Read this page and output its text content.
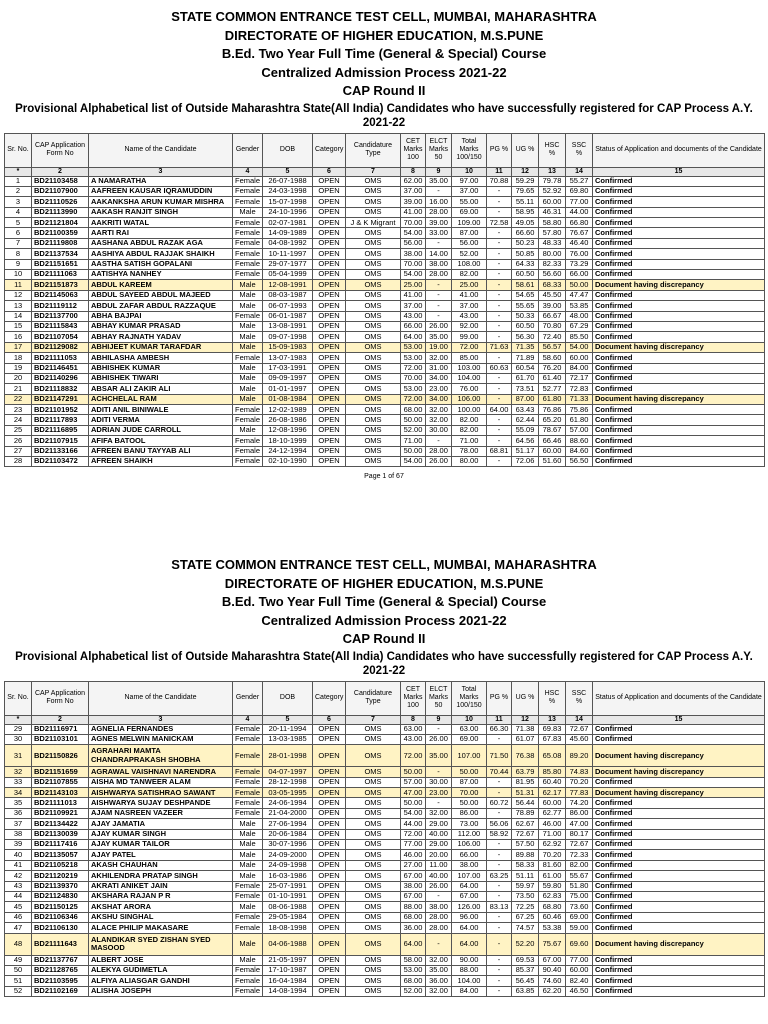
STATE COMMON ENTRANCE TEST CELL, MUMBAI, MAHARASHTRA
DIRECTORATE OF HIGHER EDUCATION, M.S.PUNE
B.Ed. Two Year Full Time (General & Special) Course
Centralized Admission Process 2021-22
CAP Round II
Provisional Alphabetical list of Outside Maharashtra State(All India) Candidates who have successfully registered for CAP Process A.Y. 2021-22
Sr. No.	CAP Application Form No	Name of the Candidate	Gender	DOB	Category	Candidature Type	CET Marks 100	ELCT Marks 50	Total Marks 100/150	PG %	UG %	HSC %	SSC %	Status of Application and documents of the Candidate
*	2	3	4	5	6	7	8	9	10	11	12	13	14	15
1	BD21103458	A NAMARATHA	Female	26-07-1988	OPEN	OMS	62.00	35.00	97.00	70.88	59.29	79.78	55.27	Confirmed
2	BD21107900	AAFREEN KAUSAR IQRAMUDDIN	Female	24-03-1998	OPEN	OMS	37.00	-	37.00	-	79.65	52.92	69.80	Confirmed
3	BD21110526	AAKANKSHA ARUN KUMAR MISHRA	Female	15-07-1998	OPEN	OMS	39.00	16.00	55.00	-	55.11	60.00	77.00	Confirmed
4	BD21113990	AAKASH RANJIT SINGH	Male	24-10-1996	OPEN	OMS	41.00	28.00	69.00	-	58.95	46.31	44.00	Confirmed
5	BD21121804	AAKRITI WATAL	Female	02-07-1981	OPEN	J & K Migrant	70.00	39.00	109.00	72.58	49.05	58.80	66.80	Confirmed
6	BD21100359	AARTI RAI	Female	14-09-1989	OPEN	OMS	54.00	33.00	87.00	-	66.60	57.80	76.67	Confirmed
7	BD21119808	AASHANA ABDUL RAZAK AGA	Female	04-08-1992	OPEN	OMS	56.00	-	56.00	-	50.23	48.33	46.40	Confirmed
8	BD21137534	AASHIYA ABDUL RAJJAK SHAIKH	Female	10-11-1997	OPEN	OMS	38.00	14.00	52.00	-	50.85	80.00	76.00	Confirmed
9	BD21151651	AASTHA SATISH GOPALANI	Female	29-07-1977	OPEN	OMS	70.00	38.00	108.00	-	64.33	82.33	73.29	Confirmed
10	BD21111063	AATISHYA NANHEY	Female	05-04-1999	OPEN	OMS	54.00	28.00	82.00	-	60.50	56.60	66.00	Confirmed
11	BD21151873	ABDUL KAREEM	Male	12-08-1991	OPEN	OMS	25.00	-	25.00	-	58.61	68.33	50.00	Document having discrepancy
12	BD21145063	ABDUL SAYEED ABDUL MAJEED	Male	08-03-1987	OPEN	OMS	41.00	-	41.00	-	54.65	45.50	47.47	Confirmed
13	BD21119112	ABDUL ZAFAR ABDUL RAZZAQUE	Male	06-07-1993	OPEN	OMS	37.00	-	37.00	-	55.65	39.00	53.85	Confirmed
14	BD21137700	ABHA BAJPAI	Female	06-01-1987	OPEN	OMS	43.00	-	43.00	-	50.33	66.67	48.00	Confirmed
15	BD21115843	ABHAY KUMAR PRASAD	Male	13-08-1991	OPEN	OMS	66.00	26.00	92.00	-	60.50	70.80	67.29	Confirmed
16	BD21107054	ABHAY RAJNATH YADAV	Male	09-07-1998	OPEN	OMS	64.00	35.00	99.00	-	56.30	72.40	85.50	Confirmed
17	BD21129082	ABHIJEET KUMAR TARAFDAR	Male	15-09-1983	OPEN	OMS	53.00	19.00	72.00	71.63	71.35	56.57	54.00	Document having discrepancy
18	BD21111053	ABHILASHA AMBESH	Female	13-07-1983	OPEN	OMS	53.00	32.00	85.00	-	71.89	58.60	60.00	Confirmed
19	BD21146451	ABHISHEK KUMAR	Male	17-03-1991	OPEN	OMS	72.00	31.00	103.00	60.63	60.54	76.20	84.00	Confirmed
20	BD21140296	ABHISHEK TIWARI	Male	09-09-1997	OPEN	OMS	70.00	34.00	104.00	-	61.70	61.40	72.17	Confirmed
21	BD21118832	ABSAR ALI ZAKIR ALI	Male	01-01-1997	OPEN	OMS	53.00	23.00	76.00	-	73.51	52.77	72.83	Confirmed
22	BD21147291	ACHCHELAL RAM	Male	01-08-1984	OPEN	OMS	72.00	34.00	106.00	-	87.00	61.80	71.33	Document having discrepancy
23	BD21101952	ADITI ANIL BINIWALE	Female	12-02-1989	OPEN	OMS	68.00	32.00	100.00	64.00	63.43	76.86	75.86	Confirmed
24	BD21117893	ADITI VERMA	Female	26-08-1986	OPEN	OMS	50.00	32.00	82.00	-	62.44	65.20	61.80	Confirmed
25	BD21116895	ADRIAN JUDE CARROLL	Male	12-08-1996	OPEN	OMS	52.00	30.00	82.00	-	55.09	78.67	57.00	Confirmed
26	BD21107915	AFIFA BATOOL	Female	18-10-1999	OPEN	OMS	71.00	-	71.00	-	64.56	66.46	88.60	Confirmed
27	BD21133166	AFREEN BANU TAYYAB ALI	Female	24-12-1994	OPEN	OMS	50.00	28.00	78.00	68.81	51.17	60.00	84.60	Confirmed
28	BD21103472	AFREEN SHAIKH	Female	02-10-1990	OPEN	OMS	54.00	26.00	80.00	-	72.06	51.60	56.50	Confirmed
Page 1 of 67
STATE COMMON ENTRANCE TEST CELL, MUMBAI, MAHARASHTRA
DIRECTORATE OF HIGHER EDUCATION, M.S.PUNE
B.Ed. Two Year Full Time (General & Special) Course
Centralized Admission Process 2021-22
CAP Round II
Provisional Alphabetical list of Outside Maharashtra State(All India) Candidates who have successfully registered for CAP Process A.Y. 2021-22
Sr. No.	CAP Application Form No	Name of the Candidate	Gender	DOB	Category	Candidature Type	CET Marks 100	ELCT Marks 50	Total Marks 100/150	PG %	UG %	HSC %	SSC %	Status of Application and documents of the Candidate
*	2	3	4	5	6	7	8	9	10	11	12	13	14	15
29	BD21116971	AGNELIA FERNANDES	Female	20-11-1994	OPEN	OMS	63.00	-	63.00	66.30	71.38	69.83	72.67	Confirmed
30	BD21103101	AGNES MELWIN MANICKAM	Female	13-03-1985	OPEN	OMS	43.00	26.00	69.00	-	61.07	67.83	45.60	Confirmed
31	BD21150826	AGRAHARI MAMTA CHANDRAPRAKASH SHOBHA	Female	28-01-1998	OPEN	OMS	72.00	35.00	107.00	71.50	76.38	65.08	89.20	Document having discrepancy
32	BD21151659	AGRAWAL VAISHNAVI NARENDRA	Female	04-07-1997	OPEN	OMS	50.00	-	50.00	70.44	63.79	85.80	74.83	Document having discrepancy
33	BD21107855	AISHA MD TANWEER ALAM	Female	28-12-1998	OPEN	OMS	57.00	30.00	87.00	-	81.95	60.40	70.20	Confirmed
34	BD21143103	AISHWARYA SATISHRAO SAWANT	Female	03-05-1995	OPEN	OMS	47.00	23.00	70.00	-	51.31	62.17	77.83	Document having discrepancy
35	BD21111013	AISHWARYA SUJAY DESHPANDE	Female	24-06-1994	OPEN	OMS	50.00	-	50.00	60.72	56.44	60.00	74.20	Confirmed
36	BD21109921	AJAM NASREEN VAZEER	Female	21-04-2000	OPEN	OMS	54.00	32.00	86.00	-	78.89	62.77	86.00	Confirmed
37	BD21134422	AJAY JAMATIA	Male	27-06-1994	OPEN	OMS	44.00	29.00	73.00	56.06	62.67	46.00	47.00	Confirmed
38	BD21130039	AJAY KUMAR SINGH	Male	20-06-1984	OPEN	OMS	72.00	40.00	112.00	58.92	72.67	71.00	80.17	Confirmed
39	BD21117416	AJAY KUMAR TAILOR	Male	30-07-1996	OPEN	OMS	77.00	29.00	106.00	-	57.50	62.92	72.67	Confirmed
40	BD21135057	AJAY PATEL	Male	24-09-2000	OPEN	OMS	46.00	20.00	66.00	-	89.88	70.20	72.33	Confirmed
41	BD21105218	AKASH CHAUHAN	Male	24-09-1998	OPEN	OMS	27.00	11.00	38.00	-	58.33	81.60	82.00	Confirmed
42	BD21120219	AKHILENDRA PRATAP SINGH	Male	16-03-1986	OPEN	OMS	67.00	40.00	107.00	63.25	51.11	61.00	55.67	Confirmed
43	BD21139370	AKRATI ANIKET JAIN	Female	25-07-1991	OPEN	OMS	38.00	26.00	64.00	-	59.97	59.80	51.80	Confirmed
44	BD21124830	AKSHARA RAJAN P R	Female	01-10-1991	OPEN	OMS	67.00	-	67.00	-	73.50	62.83	75.00	Confirmed
45	BD21150125	AKSHAT ARORA	Male	08-06-1988	OPEN	OMS	88.00	38.00	126.00	83.13	72.25	68.80	73.60	Confirmed
46	BD21106346	AKSHU SINGHAL	Female	29-05-1984	OPEN	OMS	68.00	28.00	96.00	-	67.25	60.46	69.00	Confirmed
47	BD21106130	ALACE PHILIP MAKASARE	Female	18-08-1998	OPEN	OMS	36.00	28.00	64.00	-	74.57	53.38	59.00	Confirmed
48	BD21111643	ALANDIKAR SYED ZISHAN SYED MASOOD	Male	04-06-1988	OPEN	OMS	64.00	-	64.00	-	52.20	75.67	69.60	Document having discrepancy
49	BD21137767	ALBERT JOSE	Male	21-05-1997	OPEN	OMS	58.00	32.00	90.00	-	69.53	67.00	77.00	Confirmed
50	BD21128765	ALEKYA GUDIMETLA	Female	17-10-1987	OPEN	OMS	53.00	35.00	88.00	-	85.37	90.40	60.00	Confirmed
51	BD21103595	ALFIYA ALIASGAR GANDHI	Female	16-04-1984	OPEN	OMS	68.00	36.00	104.00	-	56.45	74.60	82.40	Confirmed
52	BD21102169	ALISHA JOSEPH	Female	14-08-1994	OPEN	OMS	52.00	32.00	84.00	-	63.85	62.20	46.50	Confirmed
